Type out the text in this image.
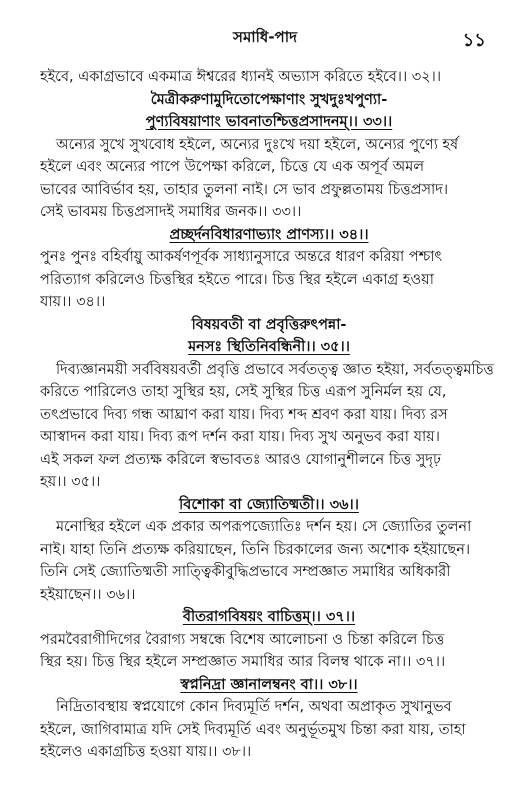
সমাধি-পাদ	১১
হইবে, একাগ্রভাবে একমাত্র ঈশ্বরের ধ্যানই অভ্যাস করিতে হইবে।। ৩২।।
মৈত্রীকরুণামুদিতোপেক্ষাণাং সুখদুঃখপুণ্যা-
পুণ্যবিষয়াণাং ভাবনাতশ্চিত্তপ্রসাদনম্।। ৩৩।।
অন্যের সুখে সুখবোধ হইলে, অন্যের দুঃখে দয়া হইলে, অন্যের পুণ্যে হর্ষ
হইলে এবং অন্যের পাপে উপেক্ষা করিলে, চিত্তে যে এক অপূর্ব অমল
ভাবের আবির্ভাব হয়, তাহার তুলনা নাই। সে ভাব প্রফুল্লতাময় চিত্তপ্রসাদ।
সেই ভাবময় চিত্তপ্রসাদই সমাধির জনক।। ৩৩।।
প্রচ্ছর্দনবিধারণাভ্যাং প্রাণস্য।। ৩৪।।
পুনঃ পুনঃ বহির্বায়ু আকর্ষণপূর্বক সাধ্যানুসারে অন্তরে ধারণ করিয়া পশ্চাৎ
পরিত্যাগ করিলেও চিত্তস্থির হইতে পারে। চিত্ত স্থির হইলে একাগ্র হওয়া
যায়।। ৩৪।।
বিষয়বতী বা প্রবৃত্তিরুৎপন্না-
মনসঃ স্থিতিনিবন্ধিনী।। ৩৫।।
দিব্যজ্ঞানময়ী সর্ববিষয়বর্তী প্রবৃত্তি প্রভাবে সর্বতত্ত্ব জ্ঞাত হইয়া, সর্বতত্ত্বমচিত্ত
করিতে পারিলেও তাহা সুস্থির হয়, সেই সুস্থির চিত্ত এরূপ সুনির্মল হয় যে,
তৎপ্রভাবে দিব্য গন্ধ আঘ্রাণ করা যায়। দিব্য শব্দ শ্রবণ করা যায়। দিব্য রস
আস্বাদন করা যায়। দিব্য রূপ দর্শন করা যায়। দিব্য সুখ অনুভব করা যায়।
এই সকল ফল প্রত্যক্ষ করিলে স্বভাবতঃ আরও যোগানুশীলনে চিত্ত সুদৃঢ়
হয়।। ৩৫।।
বিশোকা বা জ্যোতিষ্মতী।। ৩৬।।
মনোস্থির হইলে এক প্রকার অপরূপজ্যোতিঃ দর্শন হয়। সে জ্যোতির তুলনা
নাই। যাহা তিনি প্রত্যক্ষ করিয়াছেন, তিনি চিরকালের জন্য অশোক হইয়াছেন।
তিনি সেই জ্যোতিষ্মতী সাত্ত্বিকীবুদ্ধিপ্রভাবে সম্প্রজ্ঞাত সমাধির অধিকারী
হইয়াছেন।। ৩৬।।
বীতরাগবিষয়ং বাচিত্তম্।। ৩৭।।
পরমবৈরাগীদিগের বৈরাগ্য সম্বন্ধে বিশেষ আলোচনা ও চিন্তা করিলে চিত্ত
স্থির হয়। চিত্ত স্থির হইলে সম্প্রজ্ঞাত সমাধির আর বিলম্ব থাকে না।। ৩৭।।
স্বপ্ননিদ্রা জ্ঞানালম্বনং বা।। ৩৮।।
নিদ্রিতাবস্থায় স্বপ্নযোগে কোন দিব্যমূর্তি দর্শন, অথবা অপ্রাকৃত সুখানুভব
হইলে, জাগিবামাত্র যদি সেই দিব্যমূর্তি এবং অনুর্ভূতমুখ চিন্তা করা যায়, তাহা
হইলেও একাগ্রচিত্ত হওয়া যায়।। ৩৮।।
